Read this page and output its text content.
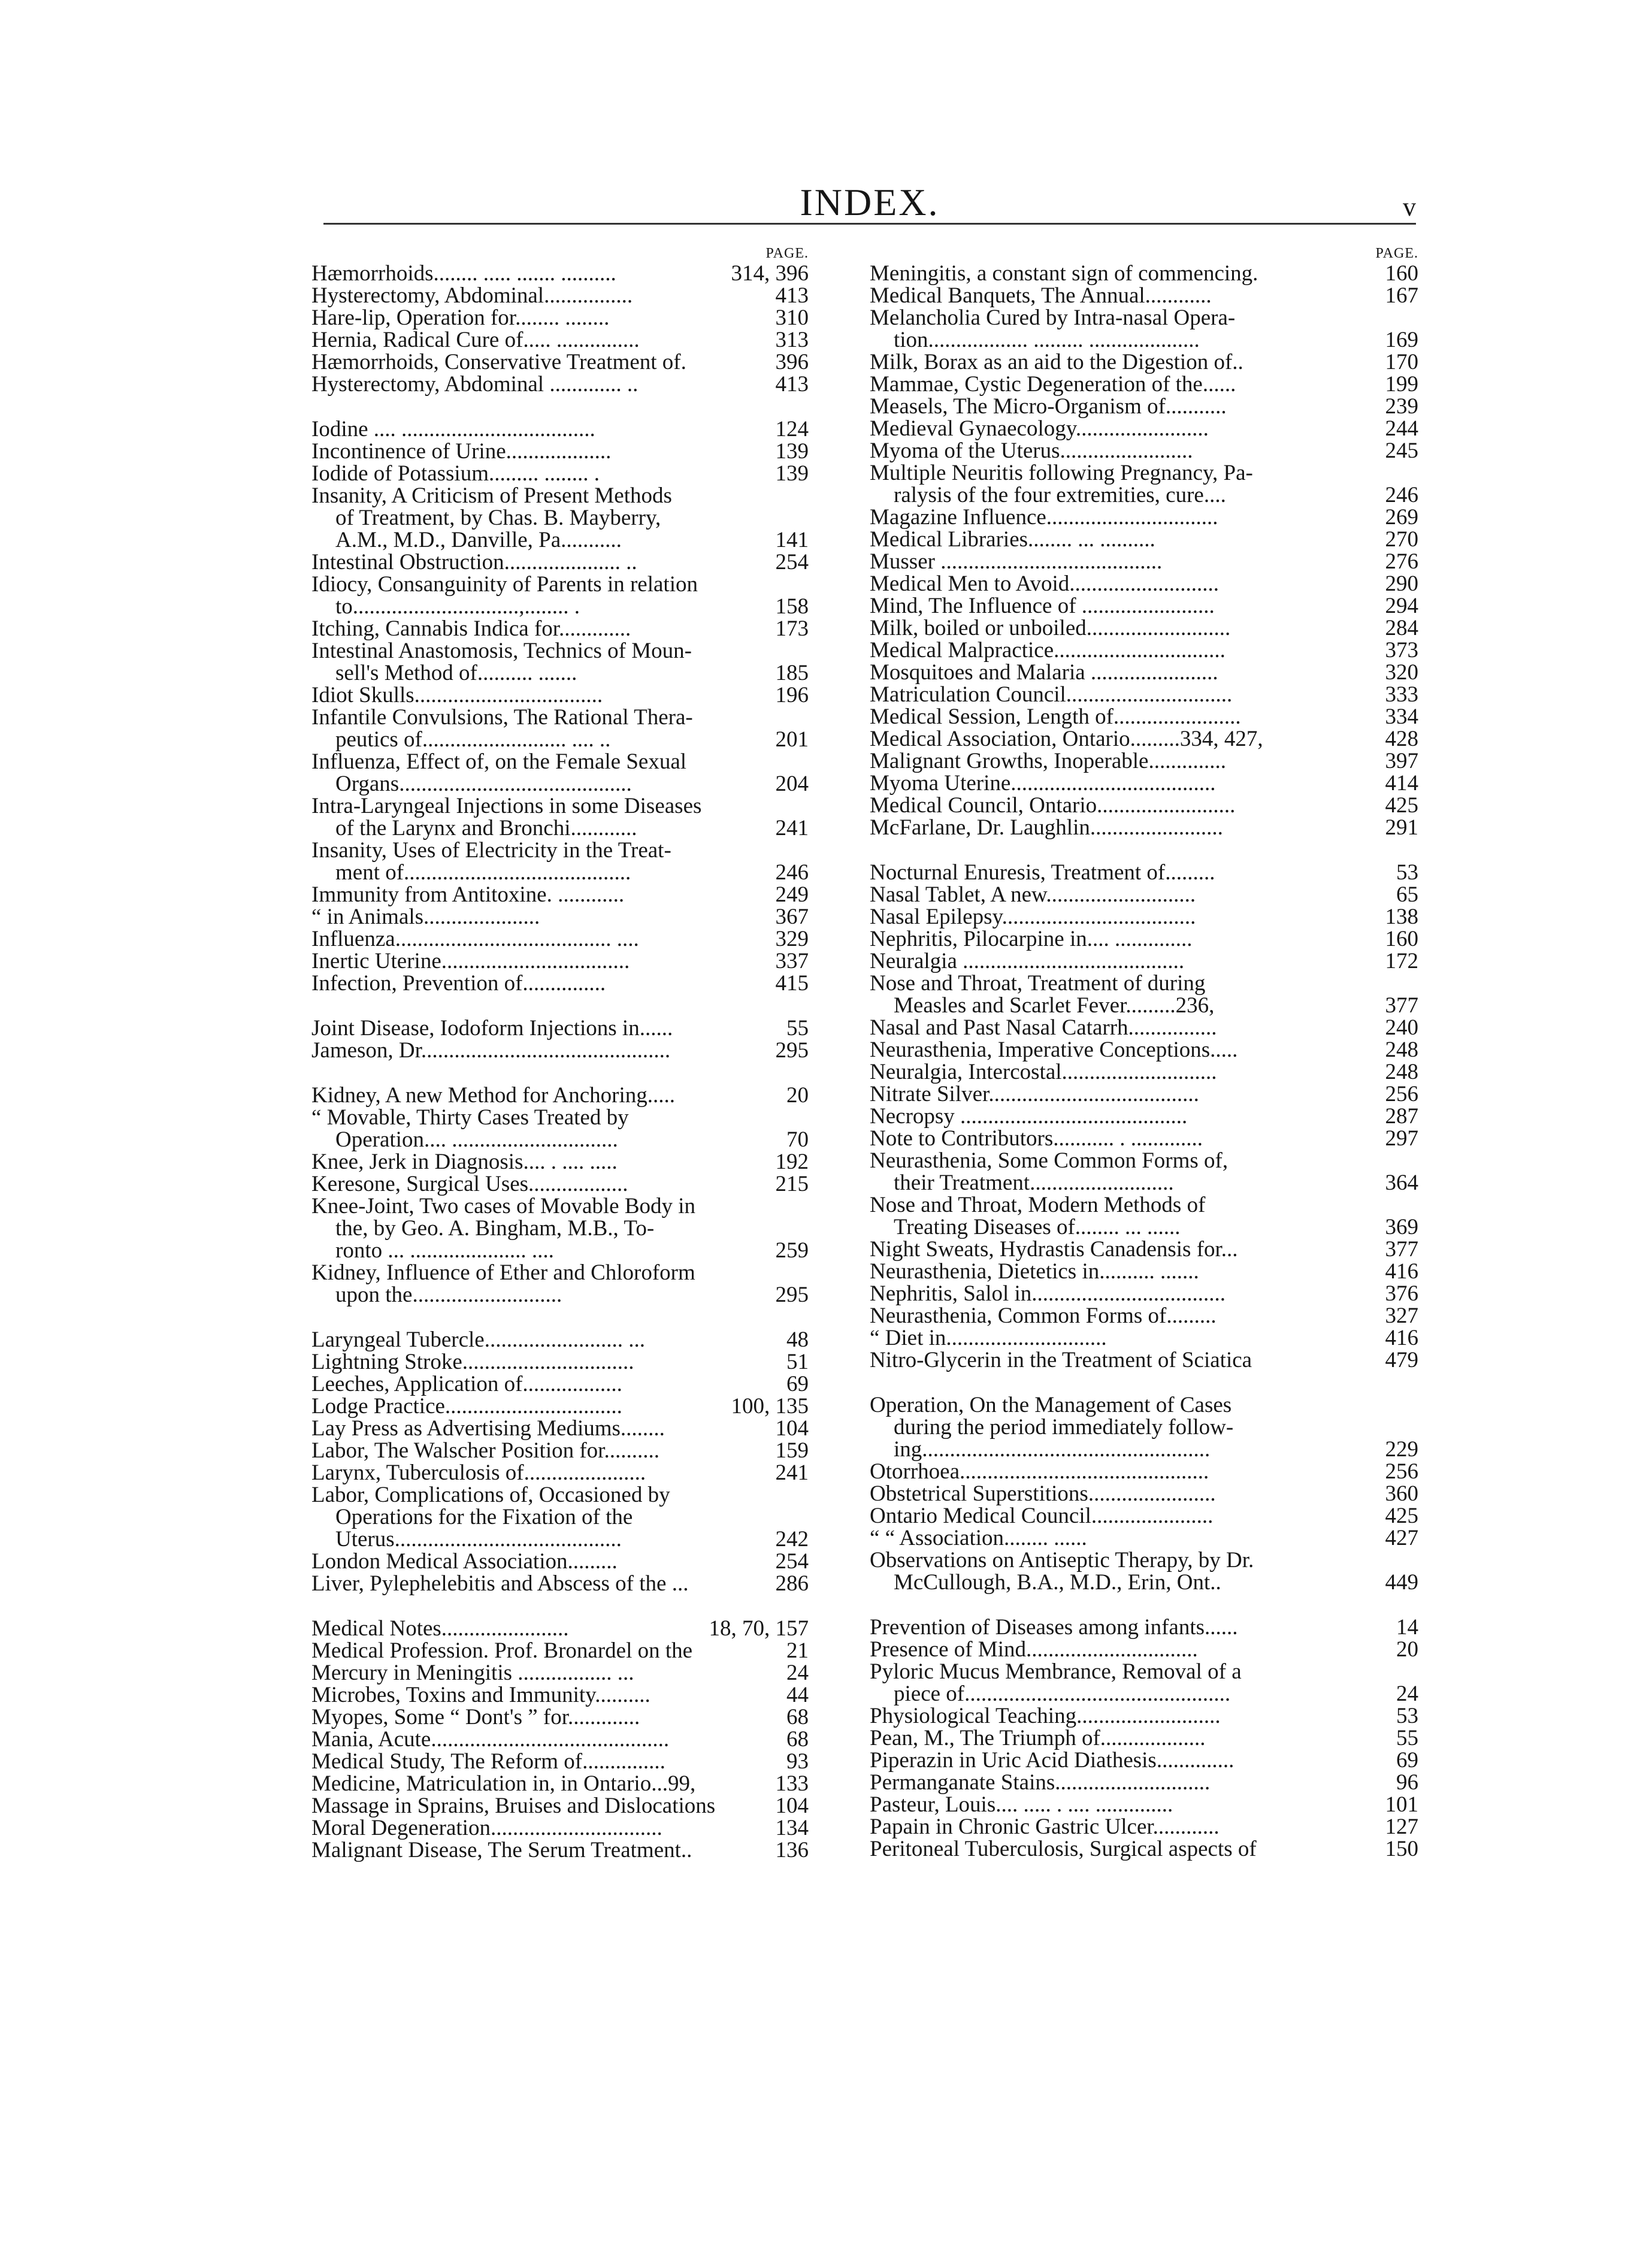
INDEX.	v
PAGE.
Hæmorrhoids........ ..... ....... ..........	314, 396
Hysterectomy, Abdominal................	413
Hare-lip, Operation for........ ........	310
Hernia, Radical Cure of..... ...............	313
Hæmorrhoids, Conservative Treatment of.	396
Hysterectomy, Abdominal ............. ..	413
Iodine .... ...................................	124
Incontinence of Urine...................	139
Iodide of Potassium......... ........ .	139
Insanity, A Criticism of Present Methods
of Treatment, by Chas. B. Mayberry,
A.M., M.D., Danville, Pa...........	141
Intestinal Obstruction..................... ..	254
Idiocy, Consanguinity of Parents in relation
to..............................,........ .	158
Itching, Cannabis Indica for.............	173
Intestinal Anastomosis, Technics of Moun-
sell's Method of.......... .......	185
Idiot Skulls..................................	196
Infantile Convulsions, The Rational Thera-
peutics of.......................... .... ..	201
Influenza, Effect of, on the Female Sexual
Organs..........................................	204
Intra-Laryngeal Injections in some Diseases
of the Larynx and Bronchi............	241
Insanity, Uses of Electricity in the Treat-
ment of.........................................	246
Immunity from Antitoxine. ............	249
“ in Animals.....................	367
Influenza....................................... ....	329
Inertic Uterine..................................	337
Infection, Prevention of...............	415
Joint Disease, Iodoform Injections in......	55
Jameson, Dr.............................................	295
Kidney, A new Method for Anchoring.....	20
“ Movable, Thirty Cases Treated by
Operation.... ..............................	70
Knee, Jerk in Diagnosis.... . .... .....	192
Keresone, Surgical Uses..................	215
Knee-Joint, Two cases of Movable Body in
the, by Geo. A. Bingham, M.B., To-
ronto ... ..................... ....	259
Kidney, Influence of Ether and Chloroform
upon the...........................	295
Laryngeal Tubercle......................... ...	48
Lightning Stroke...............................	51
Leeches, Application of..................	69
Lodge Practice................................	100, 135
Lay Press as Advertising Mediums........	104
Labor, The Walscher Position for..........	159
Larynx, Tuberculosis of......................	241
Labor, Complications of, Occasioned by
Operations for the Fixation of the
Uterus.........................................	242
London Medical Association.........	254
Liver, Pylephelebitis and Abscess of the ...	286
Medical Notes.......................	18, 70, 157
Medical Profession. Prof. Bronardel on the	21
Mercury in Meningitis ................. ...	24
Microbes, Toxins and Immunity..........	44
Myopes, Some “ Dont's ” for.............	68
Mania, Acute...........................................	68
Medical Study, The Reform of...............	93
Medicine, Matriculation in, in Ontario...99,	133
Massage in Sprains, Bruises and Dislocations	104
Moral Degeneration...............................	134
Malignant Disease, The Serum Treatment..	136
PAGE.
Meningitis, a constant sign of commencing.	160
Medical Banquets, The Annual............	167
Melancholia Cured by Intra-nasal Opera-
tion.................. ......... ....................	169
Milk, Borax as an aid to the Digestion of..	170
Mammae, Cystic Degeneration of the......	199
Measels, The Micro-Organism of...........	239
Medieval Gynaecology........................	244
Myoma of the Uterus........................	245
Multiple Neuritis following Pregnancy, Pa-
ralysis of the four extremities, cure....	246
Magazine Influence...............................	269
Medical Libraries........ ... ..........	270
Musser ........................................	276
Medical Men to Avoid...........................	290
Mind, The Influence of ........................	294
Milk, boiled or unboiled..........................	284
Medical Malpractice...............................	373
Mosquitoes and Malaria .......................	320
Matriculation Council..............................	333
Medical Session, Length of.......................	334
Medical Association, Ontario.........334, 427,	428
Malignant Growths, Inoperable..............	397
Myoma Uterine.....................................	414
Medical Council, Ontario.........................	425
McFarlane, Dr. Laughlin........................	291
Nocturnal Enuresis, Treatment of.........	53
Nasal Tablet, A new...........................	65
Nasal Epilepsy...................................	138
Nephritis, Pilocarpine in.... ..............	160
Neuralgia ........................................	172
Nose and Throat, Treatment of during
Measles and Scarlet Fever.........236,	377
Nasal and Past Nasal Catarrh................	240
Neurasthenia, Imperative Conceptions.....	248
Neuralgia, Intercostal............................	248
Nitrate Silver......................................	256
Necropsy .........................................	287
Note to Contributors........... . .............	297
Neurasthenia, Some Common Forms of,
their Treatment..........................	364
Nose and Throat, Modern Methods of
Treating Diseases of........ ... ......	369
Night Sweats, Hydrastis Canadensis for...	377
Neurasthenia, Dietetics in.......... .......	416
Nephritis, Salol in...................................	376
Neurasthenia, Common Forms of.........	327
“ Diet in.............................	416
Nitro-Glycerin in the Treatment of Sciatica	479
Operation, On the Management of Cases
during the period immediately follow-
ing....................................................	229
Otorrhoea.............................................	256
Obstetrical Superstitions.......................	360
Ontario Medical Council......................	425
“ “ Association........ ......	427
Observations on Antiseptic Therapy, by Dr.
McCullough, B.A., M.D., Erin, Ont..	449
Prevention of Diseases among infants......	14
Presence of Mind...............................	20
Pyloric Mucus Membrance, Removal of a
piece of................................................	24
Physiological Teaching..........................	53
Pean, M., The Triumph of...................	55
Piperazin in Uric Acid Diathesis..............	69
Permanganate Stains............................	96
Pasteur, Louis.... ..... . .... ..............	101
Papain in Chronic Gastric Ulcer............	127
Peritoneal Tuberculosis, Surgical aspects of	150
